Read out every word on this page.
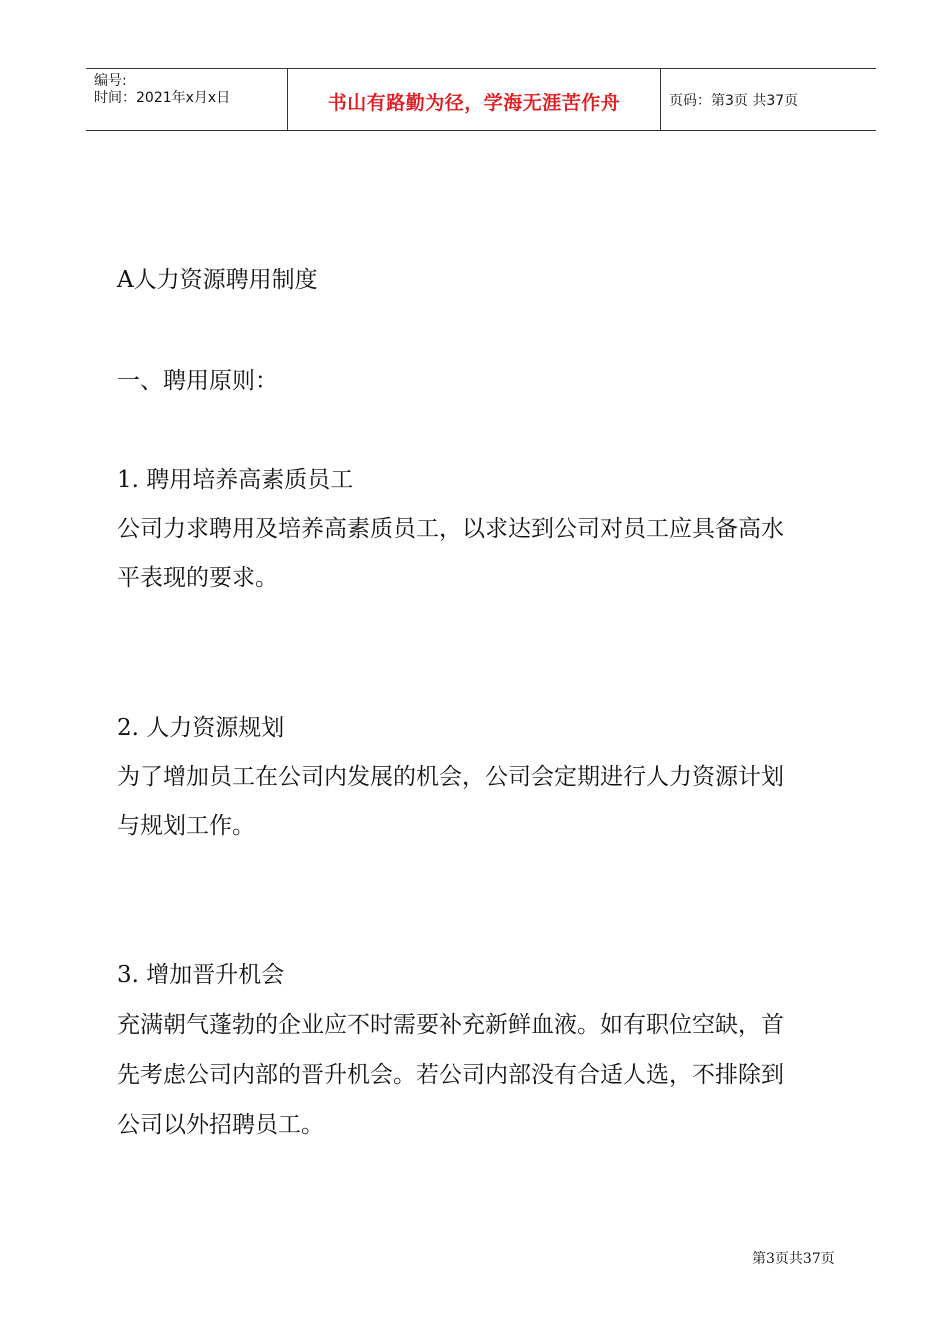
编号:
时间：2021年x月x日	书山有路勤为径，学海无涯苦作舟	页码：第3页 共37页
A人力资源聘用制度
一、聘用原则：
1. 聘用培养高素质员工
公司力求聘用及培养高素质员工，以求达到公司对员工应具备高水
平表现的要求。
2. 人力资源规划
为了增加员工在公司内发展的机会，公司会定期进行人力资源计划
与规划工作。
3. 增加晋升机会
充满朝气蓬勃的企业应不时需要补充新鲜血液。如有职位空缺，首
先考虑公司内部的晋升机会。若公司内部没有合适人选，不排除到
公司以外招聘员工。
第3页共37页
